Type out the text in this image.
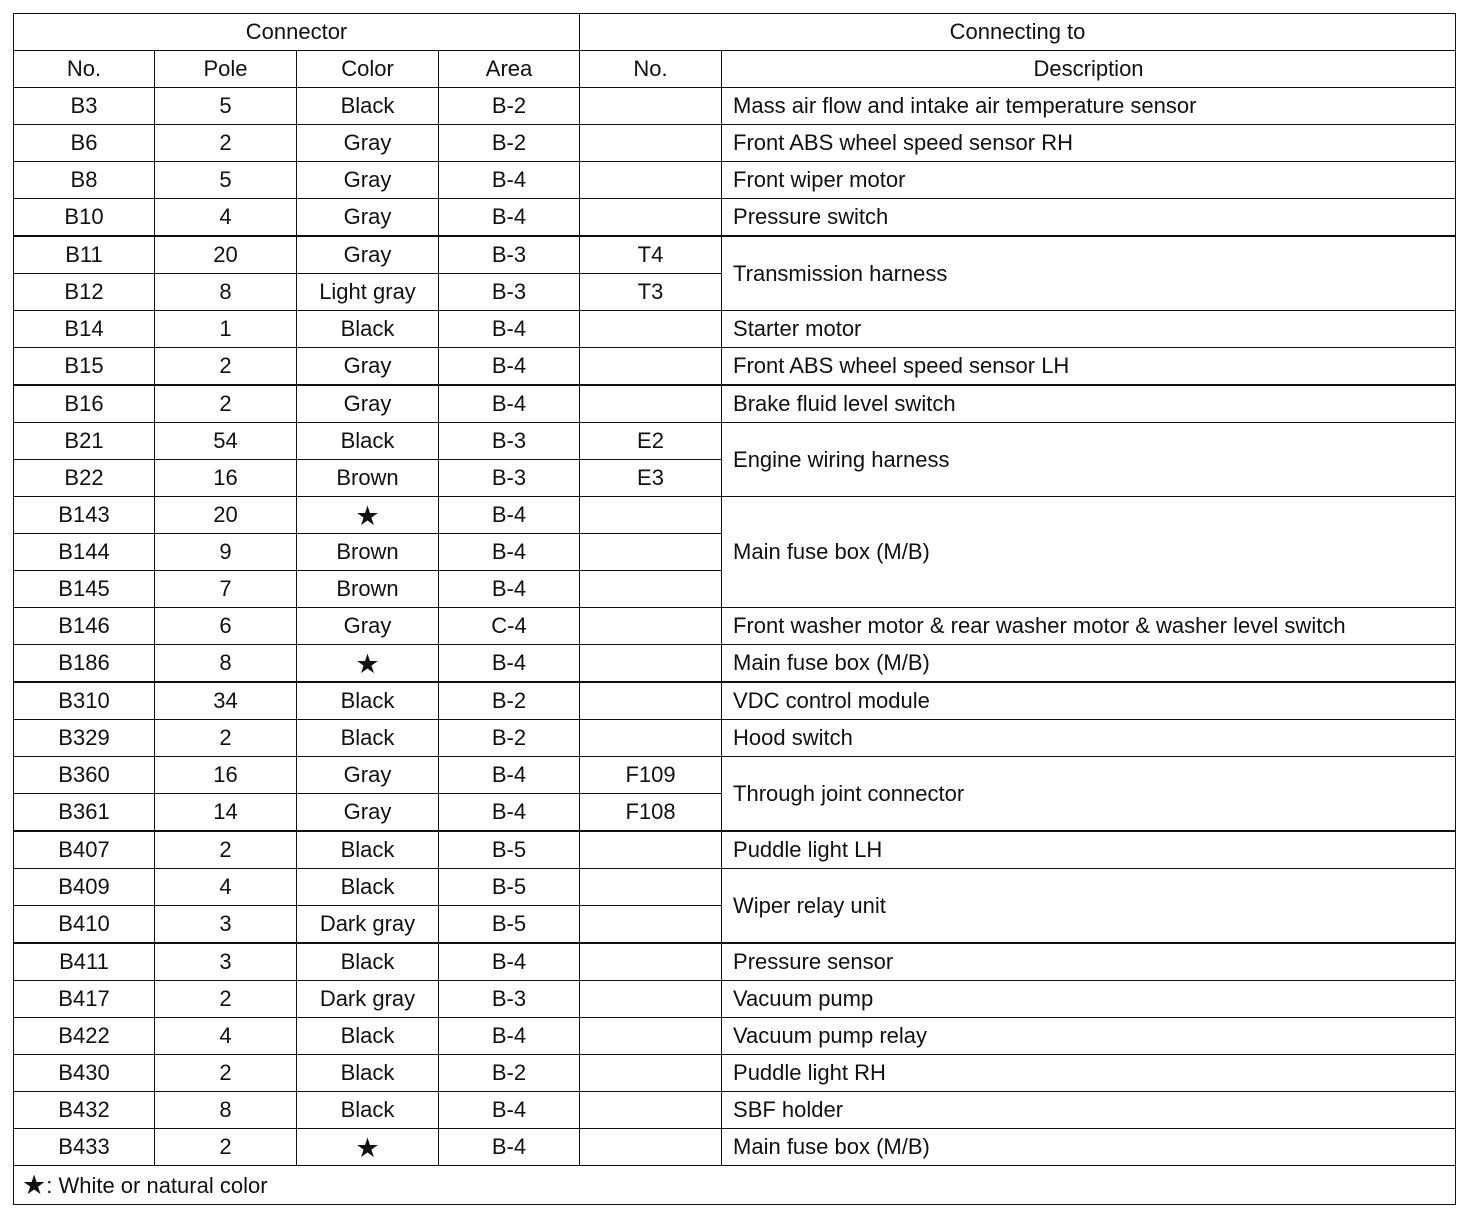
Connector				Connecting to	
No.	Pole	Color	Area	No.	Description
B3	5	Black	B-2		Mass air flow and intake air temperature sensor
B6	2	Gray	B-2		Front ABS wheel speed sensor RH
B8	5	Gray	B-4		Front wiper motor
B10	4	Gray	B-4		Pressure switch
B11	20	Gray	B-3	T4	Transmission harness
B12	8	Light gray	B-3	T3	
B14	1	Black	B-4		Starter motor
B15	2	Gray	B-4		Front ABS wheel speed sensor LH
B16	2	Gray	B-4		Brake fluid level switch
B21	54	Black	B-3	E2	Engine wiring harness
B22	16	Brown	B-3	E3	
B143	20	★	B-4		Main fuse box (M/B)
B144	9	Brown	B-4		
B145	7	Brown	B-4		
B146	6	Gray	C-4		Front washer motor & rear washer motor & washer level switch
B186	8	★	B-4		Main fuse box (M/B)
B310	34	Black	B-2		VDC control module
B329	2	Black	B-2		Hood switch
B360	16	Gray	B-4	F109	Through joint connector
B361	14	Gray	B-4	F108	
B407	2	Black	B-5		Puddle light LH
B409	4	Black	B-5		Wiper relay unit
B410	3	Dark gray	B-5		
B411	3	Black	B-4		Pressure sensor
B417	2	Dark gray	B-3		Vacuum pump
B422	4	Black	B-4		Vacuum pump relay
B430	2	Black	B-2		Puddle light RH
B432	8	Black	B-4		SBF holder
B433	2	★	B-4		Main fuse box (M/B)
★: White or natural color					
